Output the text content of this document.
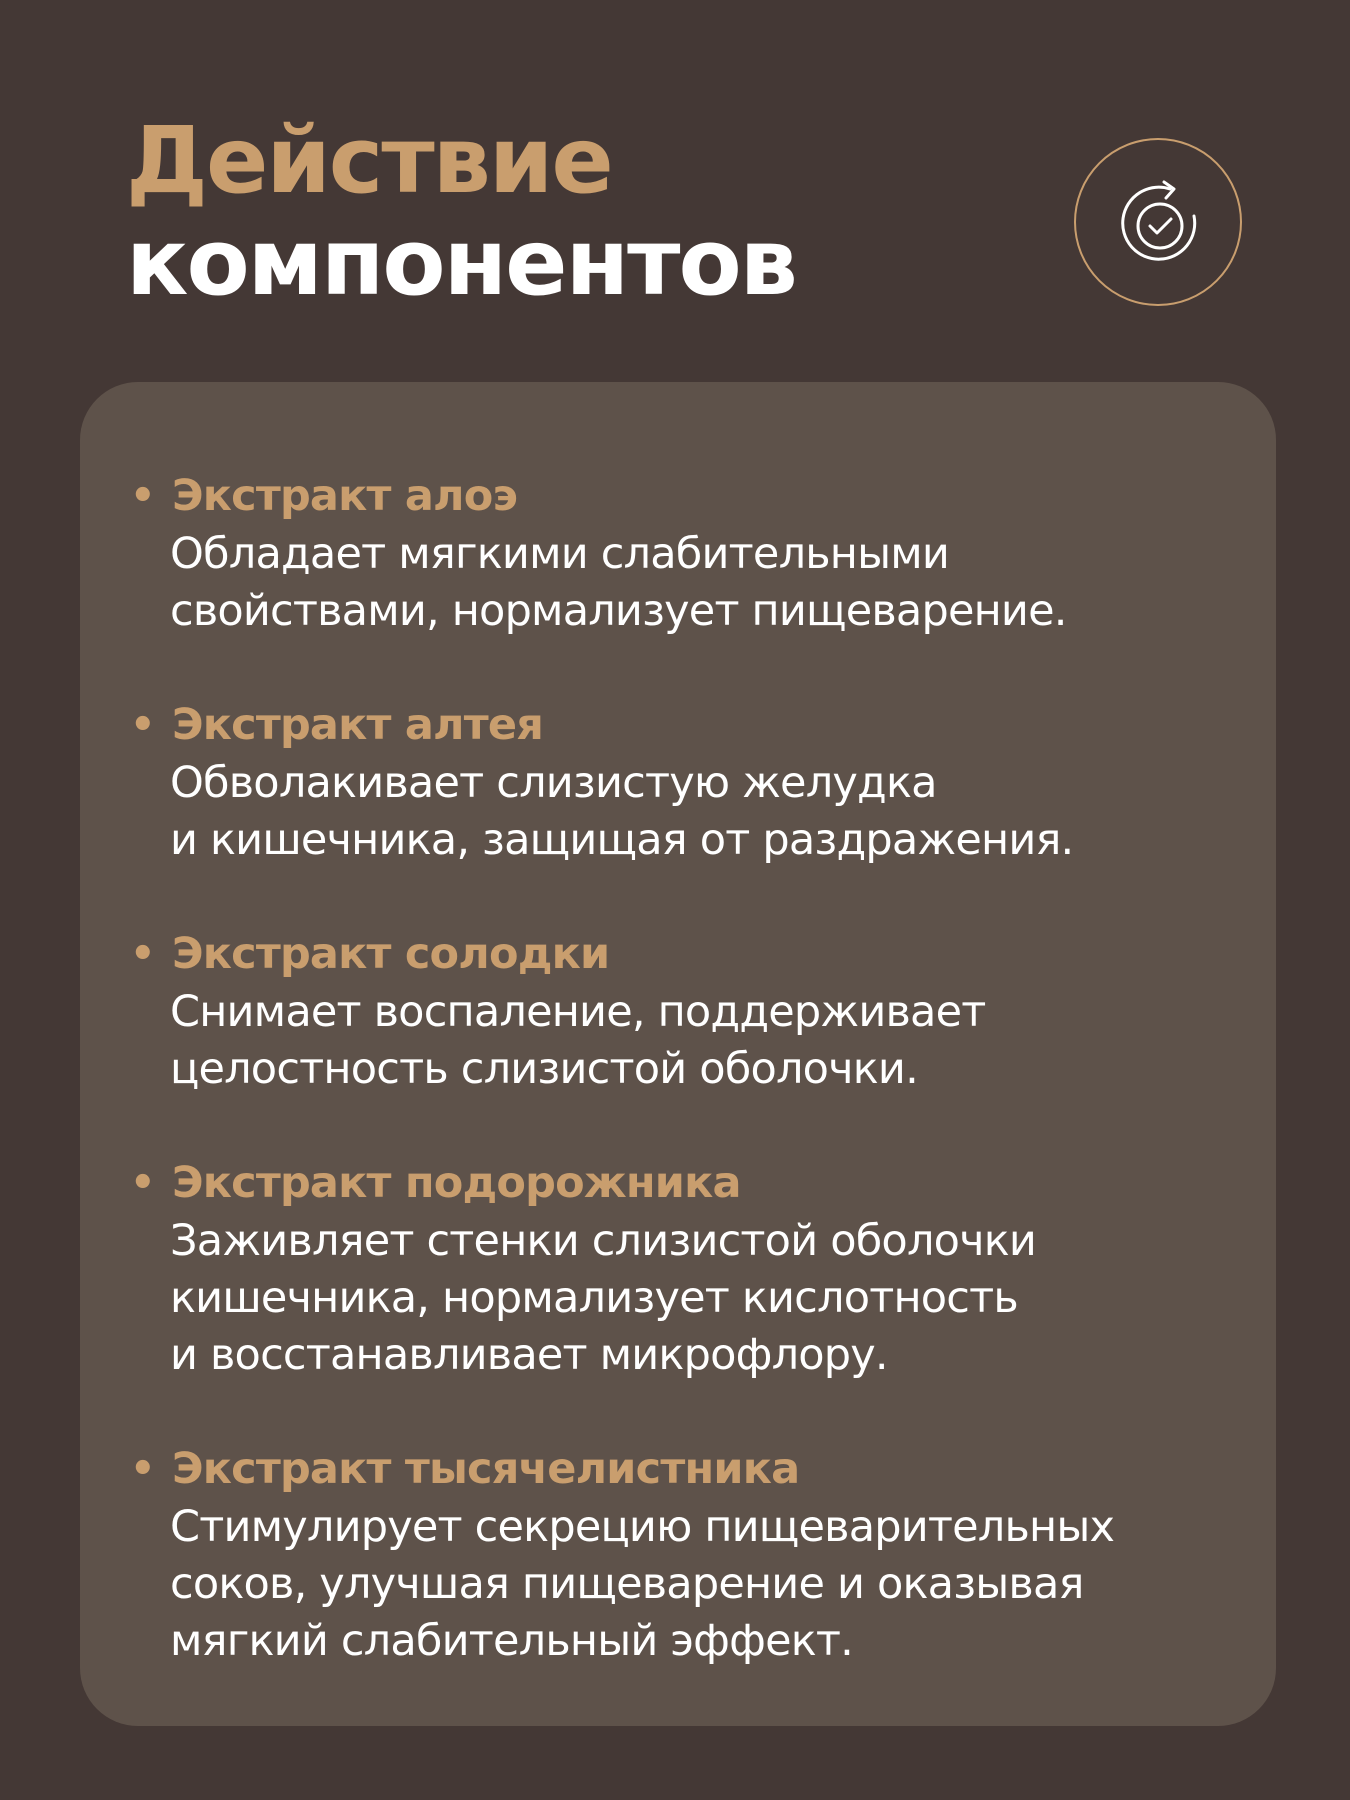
Действие
компонентов
• Экстракт алоэ

Обладает мягкими слабительными
свойствами, нормализует пищеварение.

• Экстракт алтея

Обволакивает слизистую желудка
и кишечника, защищая от раздражения.

• Экстракт солодки

Снимает воспаление, поддерживает
целостность слизистой оболочки.

• Экстракт подорожника

Заживляет стенки слизистой оболочки
кишечника, нормализует кислотность
и восстанавливает микрофлору.

• Экстракт тысячелистника

Стимулирует секрецию пищеварительных
соков, улучшая пищеварение и оказывая
мягкий слабительный эффект.
